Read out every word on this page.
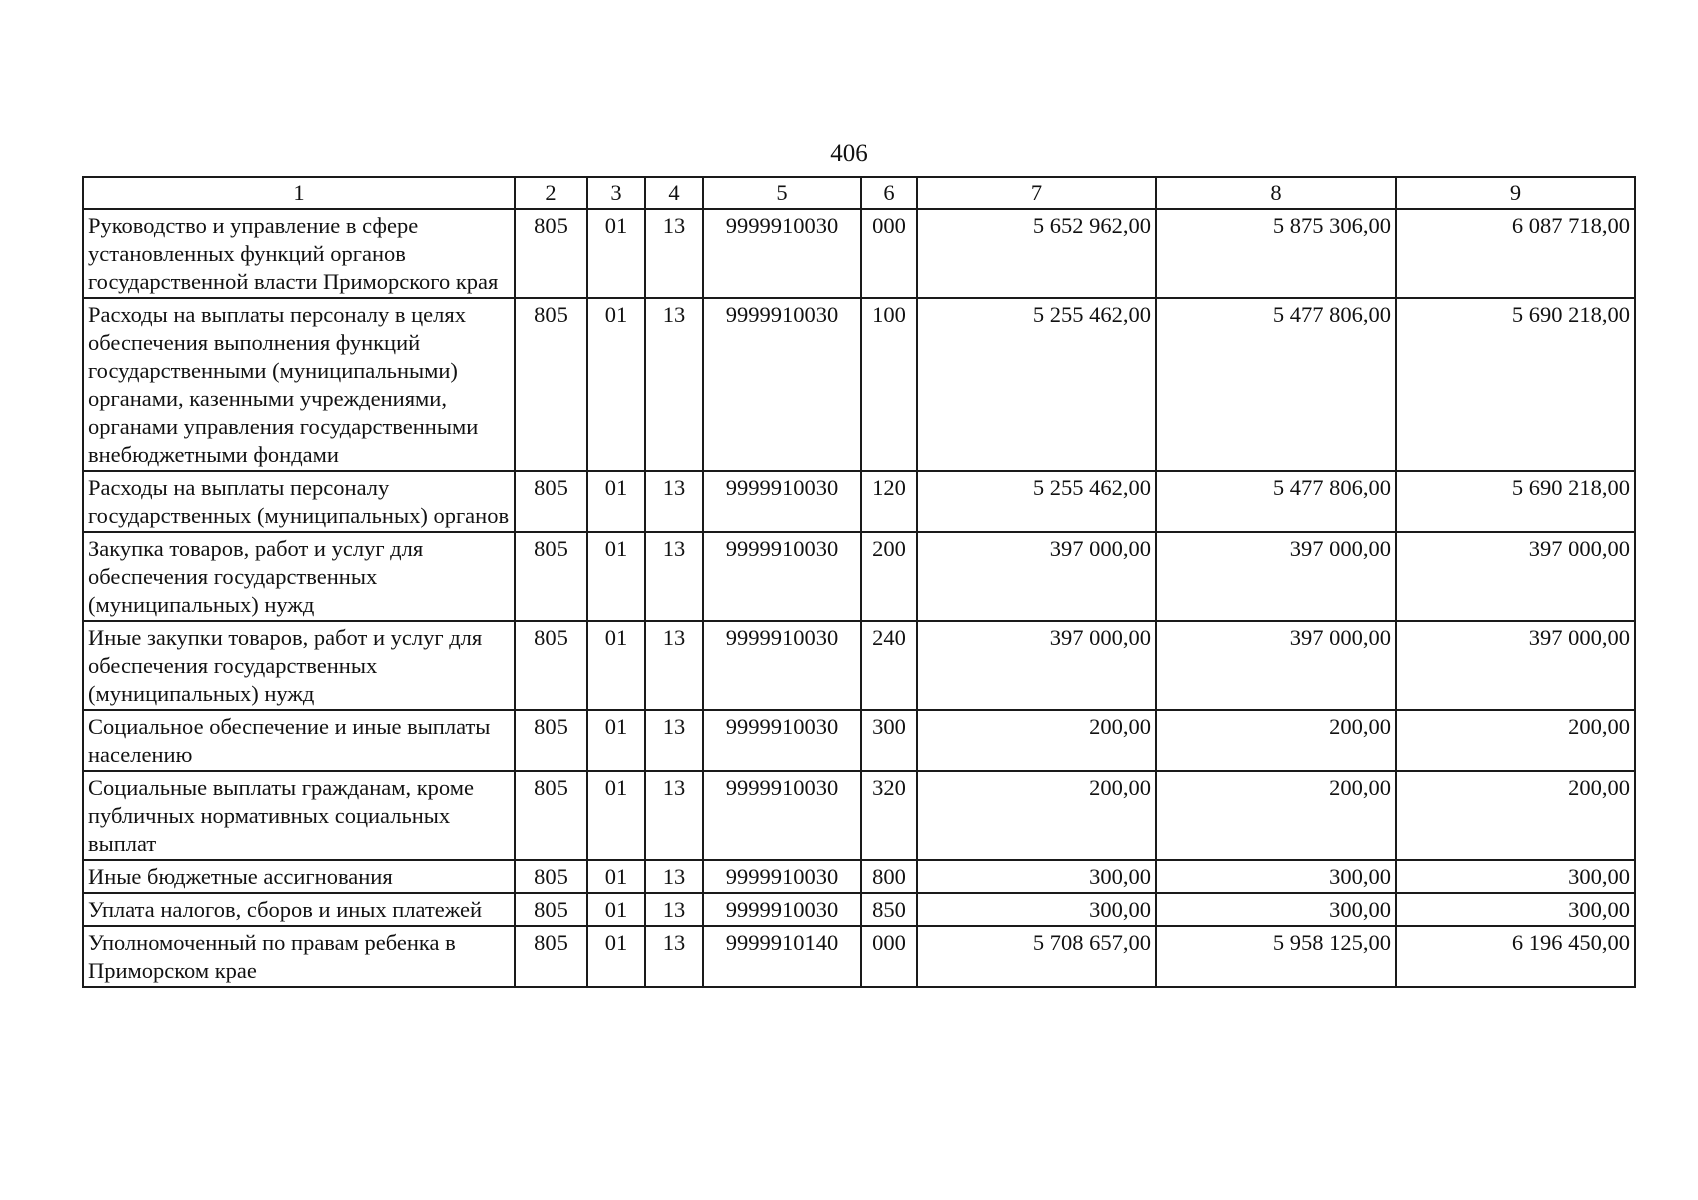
406
1	2	3	4	5	6	7	8	9
Руководство и управление в сфере установленных функций органов государственной власти Приморского края	805	01	13	9999910030	000	5 652 962,00	5 875 306,00	6 087 718,00
Расходы на выплаты персоналу в целях обеспечения выполнения функций государственными (муниципальными) органами, казенными учреждениями, органами управления государственными внебюджетными фондами	805	01	13	9999910030	100	5 255 462,00	5 477 806,00	5 690 218,00
Расходы на выплаты персоналу государственных (муниципальных) органов	805	01	13	9999910030	120	5 255 462,00	5 477 806,00	5 690 218,00
Закупка товаров, работ и услуг для обеспечения государственных (муниципальных) нужд	805	01	13	9999910030	200	397 000,00	397 000,00	397 000,00
Иные закупки товаров, работ и услуг для обеспечения государственных (муниципальных) нужд	805	01	13	9999910030	240	397 000,00	397 000,00	397 000,00
Социальное обеспечение и иные выплаты населению	805	01	13	9999910030	300	200,00	200,00	200,00
Социальные выплаты гражданам, кроме публичных нормативных социальных выплат	805	01	13	9999910030	320	200,00	200,00	200,00
Иные бюджетные ассигнования	805	01	13	9999910030	800	300,00	300,00	300,00
Уплата налогов, сборов и иных платежей	805	01	13	9999910030	850	300,00	300,00	300,00
Уполномоченный по правам ребенка в Приморском крае	805	01	13	9999910140	000	5 708 657,00	5 958 125,00	6 196 450,00
